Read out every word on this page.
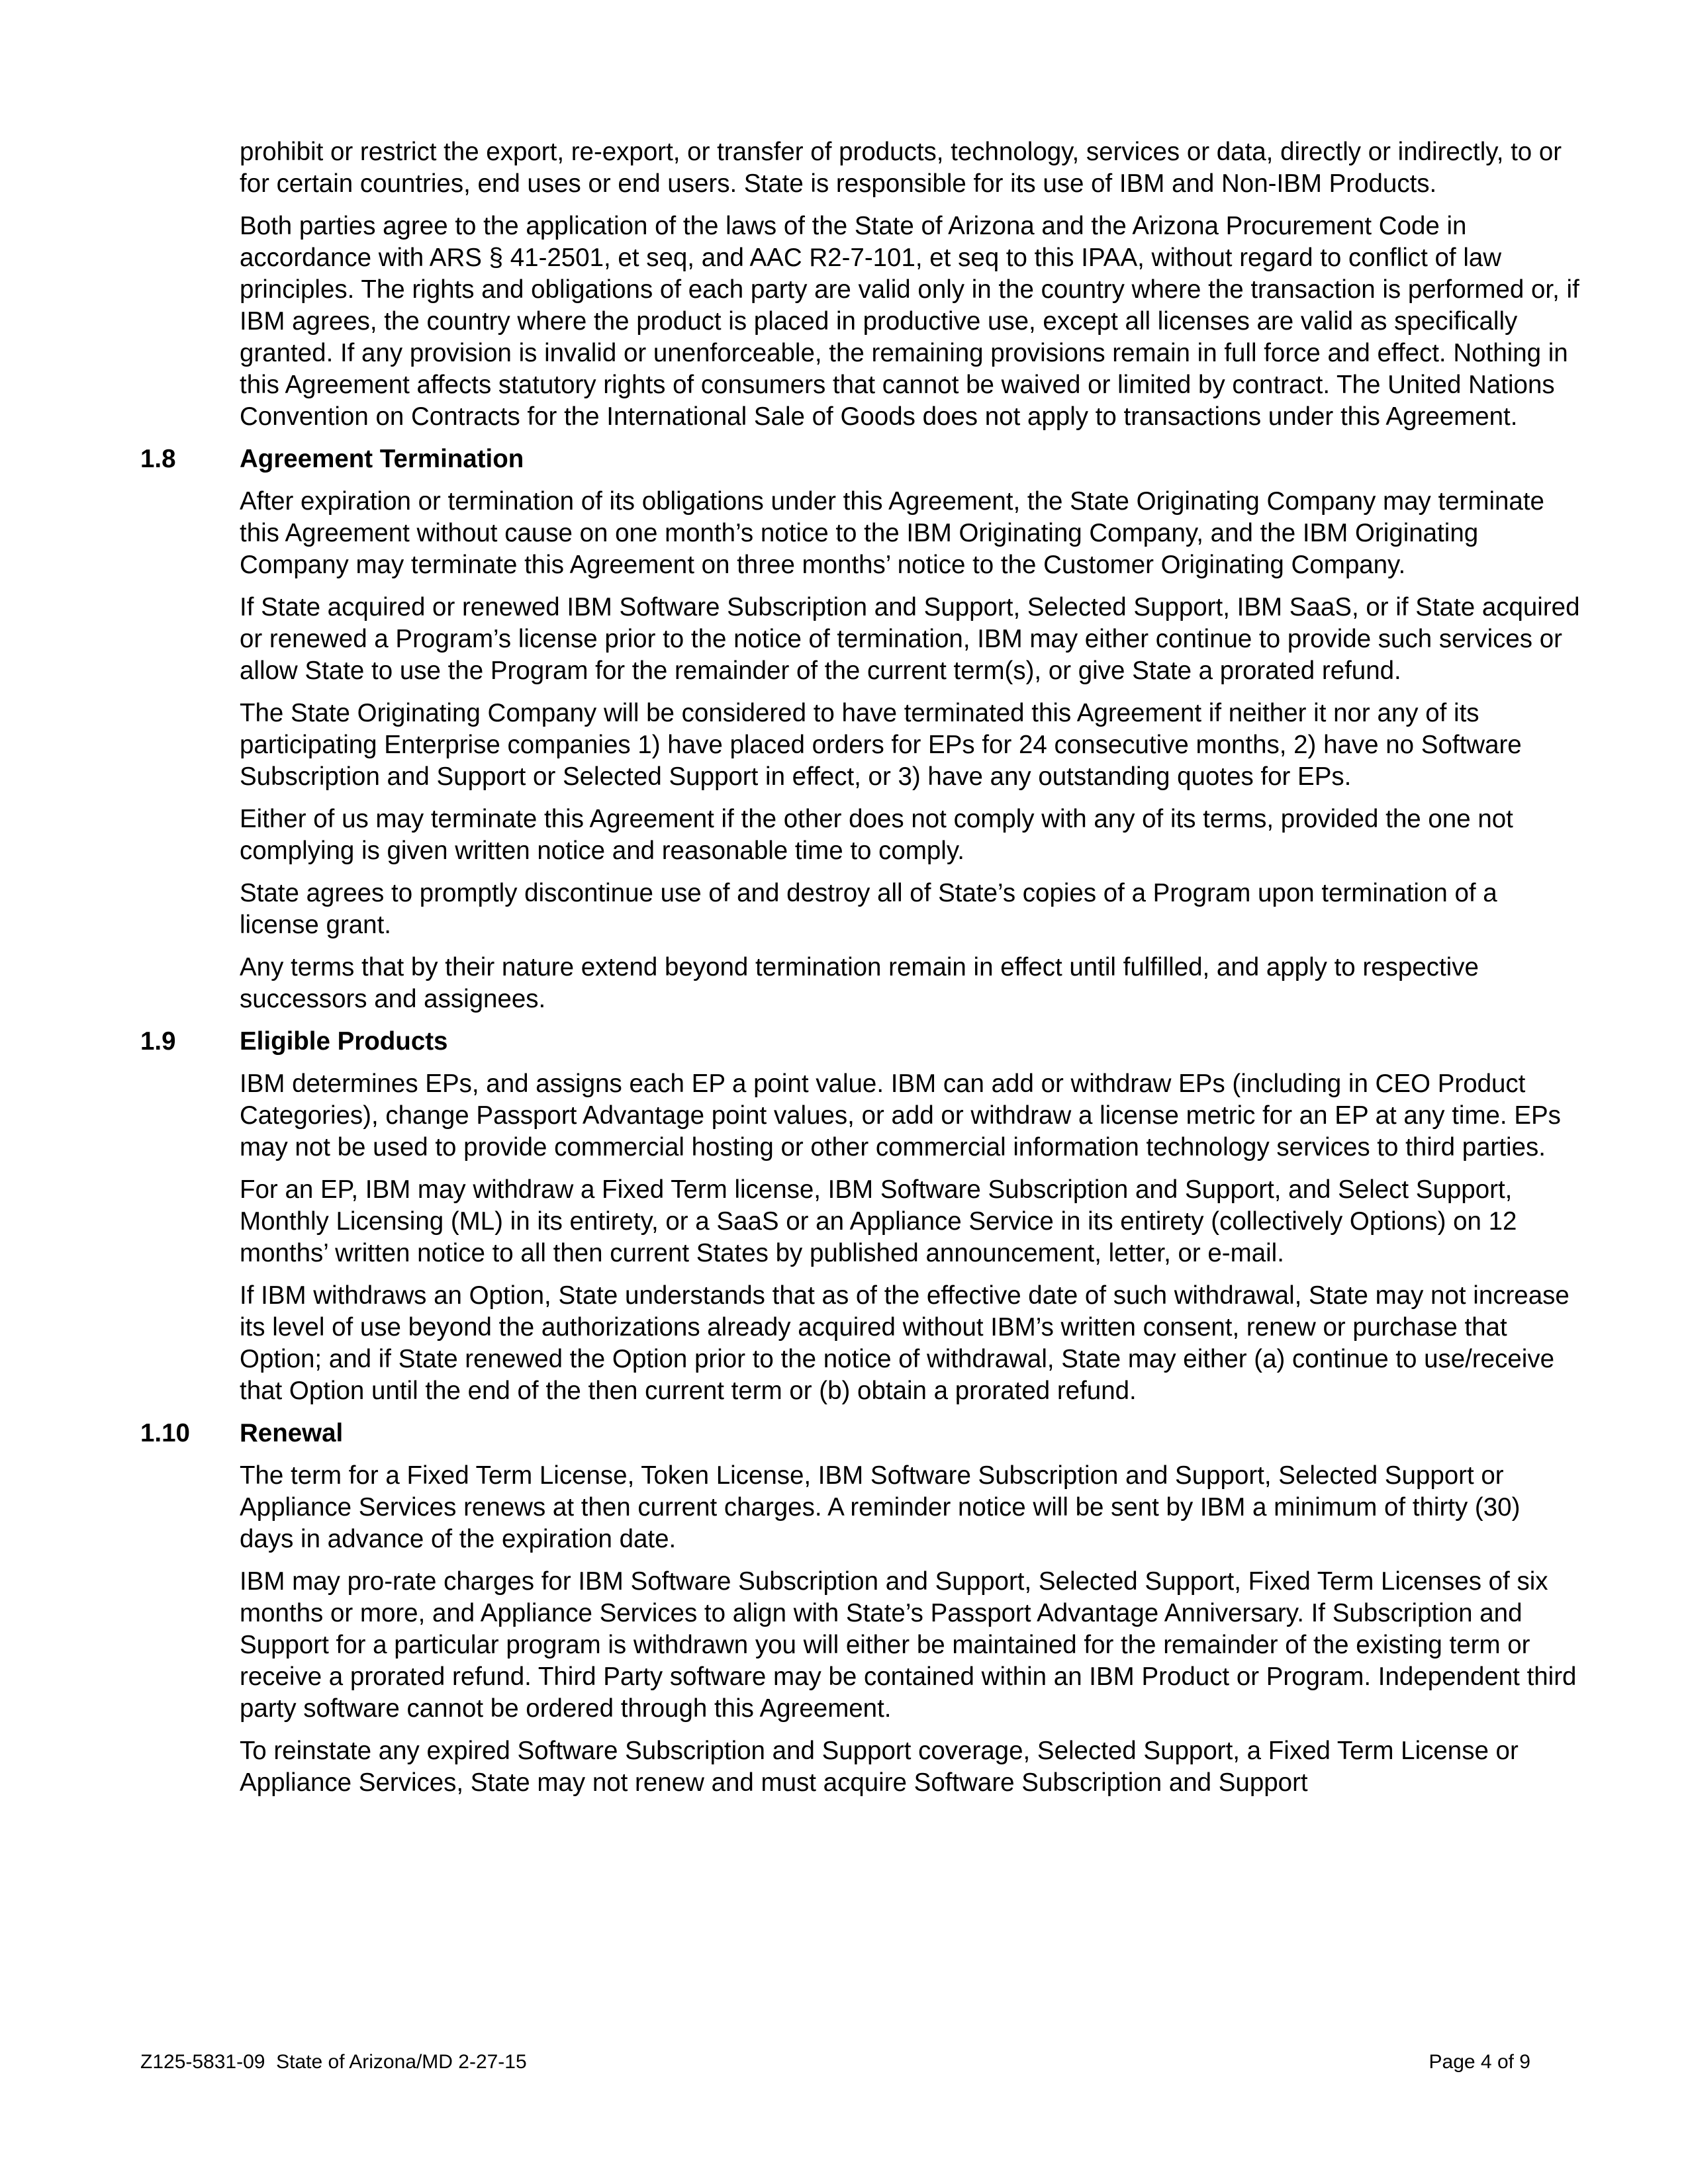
prohibit or restrict the export, re-export, or transfer of products, technology, services or data, directly or indirectly, to or for certain countries, end uses or end users. State is responsible for its use of IBM and Non-IBM Products.

Both parties agree to the application of the laws of the State of Arizona and the Arizona Procurement Code in accordance with ARS § 41-2501, et seq, and AAC R2-7-101, et seq to this IPAA, without regard to conflict of law principles. The rights and obligations of each party are valid only in the country where the transaction is performed or, if IBM agrees, the country where the product is placed in productive use, except all licenses are valid as specifically granted. If any provision is invalid or unenforceable, the remaining provisions remain in full force and effect. Nothing in this Agreement affects statutory rights of consumers that cannot be waived or limited by contract. The United Nations Convention on Contracts for the International Sale of Goods does not apply to transactions under this Agreement.

1.8	Agreement Termination

After expiration or termination of its obligations under this Agreement, the State Originating Company may terminate this Agreement without cause on one month’s notice to the IBM Originating Company, and the IBM Originating Company may terminate this Agreement on three months’ notice to the Customer Originating Company.

If State acquired or renewed IBM Software Subscription and Support, Selected Support, IBM SaaS, or if State acquired or renewed a Program’s license prior to the notice of termination, IBM may either continue to provide such services or allow State to use the Program for the remainder of the current term(s), or give State a prorated refund.

The State Originating Company will be considered to have terminated this Agreement if neither it nor any of its participating Enterprise companies 1) have placed orders for EPs for 24 consecutive months, 2) have no Software Subscription and Support or Selected Support in effect, or 3) have any outstanding quotes for EPs.

Either of us may terminate this Agreement if the other does not comply with any of its terms, provided the one not complying is given written notice and reasonable time to comply.

State agrees to promptly discontinue use of and destroy all of State’s copies of a Program upon termination of a license grant.

Any terms that by their nature extend beyond termination remain in effect until fulfilled, and apply to respective successors and assignees.

1.9	Eligible Products

IBM determines EPs, and assigns each EP a point value. IBM can add or withdraw EPs (including in CEO Product Categories), change Passport Advantage point values, or add or withdraw a license metric for an EP at any time. EPs may not be used to provide commercial hosting or other commercial information technology services to third parties.

For an EP, IBM may withdraw a Fixed Term license, IBM Software Subscription and Support, and Select Support, Monthly Licensing (ML) in its entirety, or a SaaS or an Appliance Service in its entirety (collectively Options) on 12 months’ written notice to all then current States by published announcement, letter, or e-mail.

If IBM withdraws an Option, State understands that as of the effective date of such withdrawal, State may not increase its level of use beyond the authorizations already acquired without IBM’s written consent, renew or purchase that Option; and if State renewed the Option prior to the notice of withdrawal, State may either (a) continue to use/receive that Option until the end of the then current term or (b) obtain a prorated refund.

1.10 Renewal

The term for a Fixed Term License, Token License, IBM Software Subscription and Support, Selected Support or Appliance Services renews at then current charges. A reminder notice will be sent by IBM a minimum of thirty (30) days in advance of the expiration date.

IBM may pro-rate charges for IBM Software Subscription and Support, Selected Support, Fixed Term Licenses of six months or more, and Appliance Services to align with State’s Passport Advantage Anniversary. If Subscription and Support for a particular program is withdrawn you will either be maintained for the remainder of the existing term or receive a prorated refund. Third Party software may be contained within an IBM Product or Program. Independent third party software cannot be ordered through this Agreement.

To reinstate any expired Software Subscription and Support coverage, Selected Support, a Fixed Term License or Appliance Services, State may not renew and must acquire Software Subscription and Support

Z125-5831-09  State of Arizona/MD 2-27-15	Page 4 of 9
